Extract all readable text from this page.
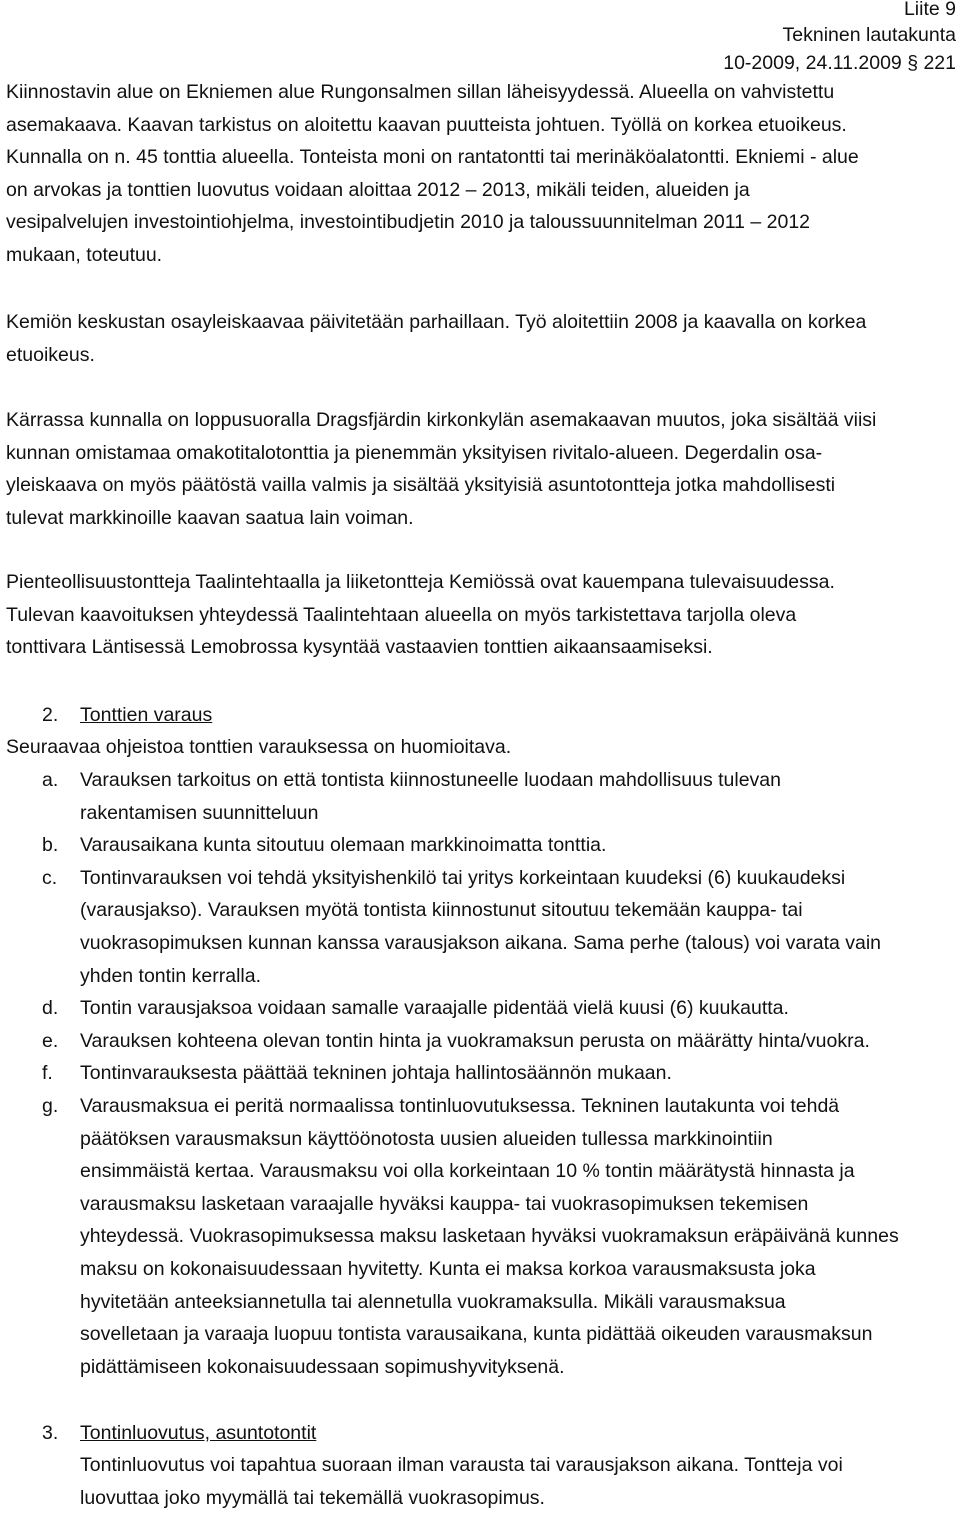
Liite 9
Tekninen lautakunta
10-2009, 24.11.2009 § 221
Kiinnostavin alue on Ekniemen alue Rungonsalmen sillan läheisyydessä. Alueella on vahvistettu
asemakaava. Kaavan tarkistus on aloitettu kaavan puutteista johtuen. Työllä on korkea etuoikeus.
Kunnalla on n. 45 tonttia alueella. Tonteista moni on rantatontti tai merinäköalatontti. Ekniemi - alue
on arvokas ja tonttien luovutus voidaan aloittaa 2012 – 2013, mikäli teiden, alueiden ja
vesipalvelujen investointiohjelma, investointibudjetin 2010 ja taloussuunnitelman 2011 – 2012
mukaan, toteutuu.
Kemiön keskustan osayleiskaavaa päivitetään parhaillaan. Työ aloitettiin 2008 ja kaavalla on korkea
etuoikeus.
Kärrassa kunnalla on loppusuoralla Dragsfjärdin kirkonkylän asemakaavan muutos, joka sisältää viisi
kunnan omistamaa omakotitalotonttia ja pienemmän yksityisen rivitalo-alueen. Degerdalin osa-
yleiskaava on myös päätöstä vailla valmis ja sisältää yksityisiä asuntotontteja jotka mahdollisesti
tulevat markkinoille kaavan saatua lain voiman.
Pienteollisuustontteja Taalintehtaalla ja liiketontteja Kemiössä ovat kauempana tulevaisuudessa.
Tulevan kaavoituksen yhteydessä Taalintehtaan alueella on myös tarkistettava tarjolla oleva
tonttivara Läntisessä Lemobrossa kysyntää vastaavien tonttien aikaansaamiseksi.
2.	Tonttien varaus
Seuraavaa ohjeistoa tonttien varauksessa on huomioitava.
a.	Varauksen tarkoitus on että tontista kiinnostuneelle luodaan mahdollisuus tulevan
rakentamisen suunnitteluun
b.	Varausaikana kunta sitoutuu olemaan markkinoimatta tonttia.
c.	Tontinvarauksen voi tehdä yksityishenkilö tai yritys korkeintaan kuudeksi (6) kuukaudeksi
(varausjakso). Varauksen myötä tontista kiinnostunut sitoutuu tekemään kauppa- tai
vuokrasopimuksen kunnan kanssa varausjakson aikana. Sama perhe (talous) voi varata vain
yhden tontin kerralla.
d.	Tontin varausjaksoa voidaan samalle varaajalle pidentää vielä kuusi (6) kuukautta.
e.	Varauksen kohteena olevan tontin hinta ja vuokramaksun perusta on määrätty hinta/vuokra.
f.	Tontinvarauksesta päättää tekninen johtaja hallintosäännön mukaan.
g.	Varausmaksua ei peritä normaalissa tontinluovutuksessa. Tekninen lautakunta voi tehdä
päätöksen varausmaksun käyttöönotosta uusien alueiden tullessa markkinointiin
ensimmäistä kertaa. Varausmaksu voi olla korkeintaan 10 % tontin määrätystä hinnasta ja
varausmaksu lasketaan varaajalle hyväksi kauppa- tai vuokrasopimuksen tekemisen
yhteydessä. Vuokrasopimuksessa maksu lasketaan hyväksi vuokramaksun eräpäivänä kunnes
maksu on kokonaisuudessaan hyvitetty. Kunta ei maksa korkoa varausmaksusta joka
hyvitetään anteeksiannetulla tai alennetulla vuokramaksulla. Mikäli varausmaksua
sovelletaan ja varaaja luopuu tontista varausaikana, kunta pidättää oikeuden varausmaksun
pidättämiseen kokonaisuudessaan sopimushyvityksenä.
3.	Tontinluovutus, asuntotontit
Tontinluovutus voi tapahtua suoraan ilman varausta tai varausjakson aikana. Tontteja voi
luovuttaa joko myymällä tai tekemällä vuokrasopimus.
